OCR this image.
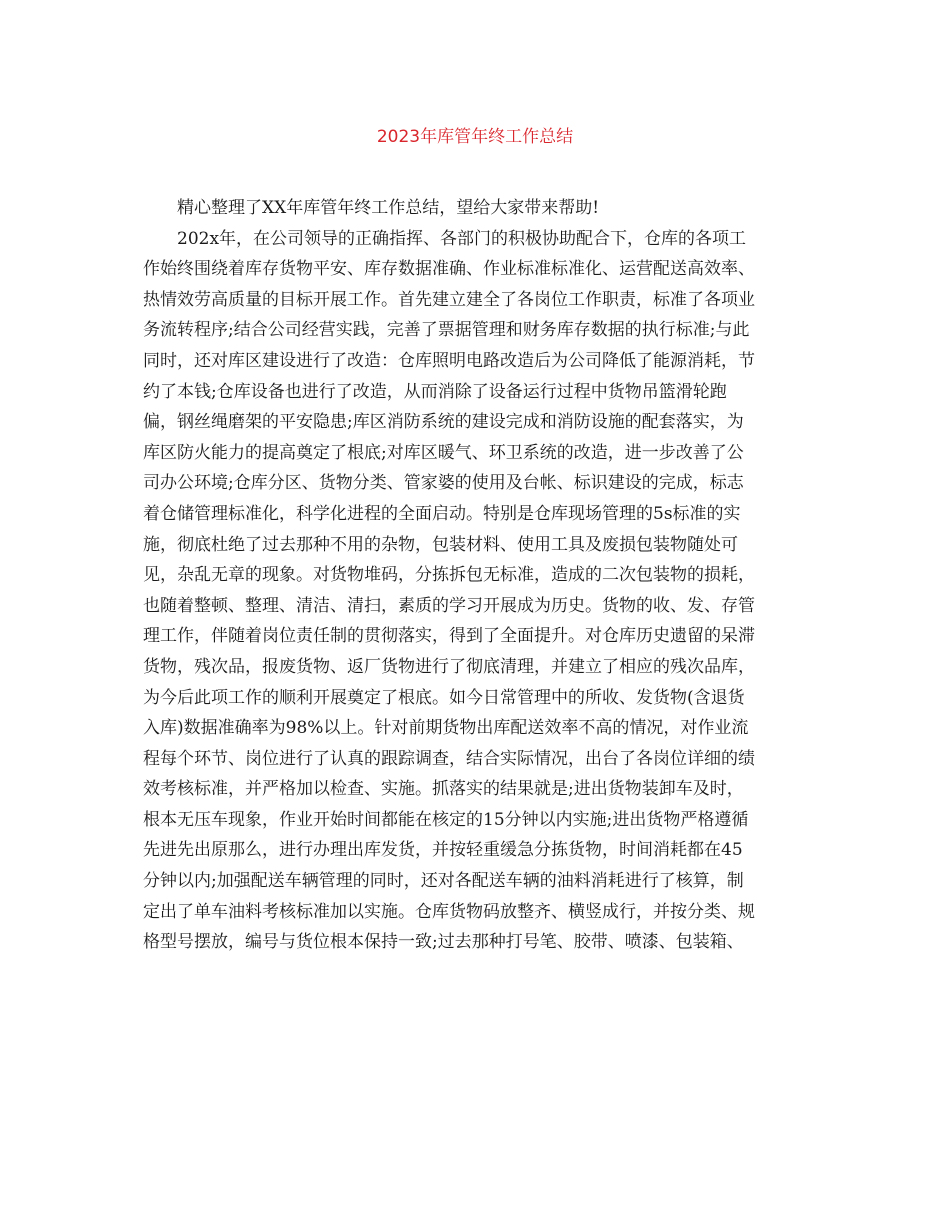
2023年库管年终工作总结

精心整理了XX年库管年终工作总结，望给大家带来帮助!

202x年，在公司领导的正确指挥、各部门的积极协助配合下，仓库的各项工
作始终围绕着库存货物平安、库存数据准确、作业标准标准化、运营配送高效率、
热情效劳高质量的目标开展工作。首先建立建全了各岗位工作职责，标准了各项业
务流转程序;结合公司经营实践，完善了票据管理和财务库存数据的执行标准;与此
同时，还对库区建设进行了改造：仓库照明电路改造后为公司降低了能源消耗，节
约了本钱;仓库设备也进行了改造，从而消除了设备运行过程中货物吊篮滑轮跑
偏，钢丝绳磨架的平安隐患;库区消防系统的建设完成和消防设施的配套落实，为
库区防火能力的提高奠定了根底;对库区暖气、环卫系统的改造，进一步改善了公
司办公环境;仓库分区、货物分类、管家婆的使用及台帐、标识建设的完成，标志
着仓储管理标准化，科学化进程的全面启动。特别是仓库现场管理的5s标准的实
施，彻底杜绝了过去那种不用的杂物，包装材料、使用工具及废损包装物随处可
见，杂乱无章的现象。对货物堆码，分拣拆包无标准，造成的二次包装物的损耗，
也随着整顿、整理、清洁、清扫，素质的学习开展成为历史。货物的收、发、存管
理工作，伴随着岗位责任制的贯彻落实，得到了全面提升。对仓库历史遗留的呆滞
货物，残次品，报废货物、返厂货物进行了彻底清理，并建立了相应的残次品库，
为今后此项工作的顺利开展奠定了根底。如今日常管理中的所收、发货物(含退货
入库)数据准确率为98%以上。针对前期货物出库配送效率不高的情况，对作业流
程每个环节、岗位进行了认真的跟踪调查，结合实际情况，出台了各岗位详细的绩
效考核标准，并严格加以检查、实施。抓落实的结果就是;进出货物装卸车及时，
根本无压车现象，作业开始时间都能在核定的15分钟以内实施;进出货物严格遵循
先进先出原那么，进行办理出库发货，并按轻重缓急分拣货物，时间消耗都在45
分钟以内;加强配送车辆管理的同时，还对各配送车辆的油料消耗进行了核算，制
定出了单车油料考核标准加以实施。仓库货物码放整齐、横竖成行，并按分类、规
格型号摆放，编号与货位根本保持一致;过去那种打号笔、胶带、喷漆、包装箱、
